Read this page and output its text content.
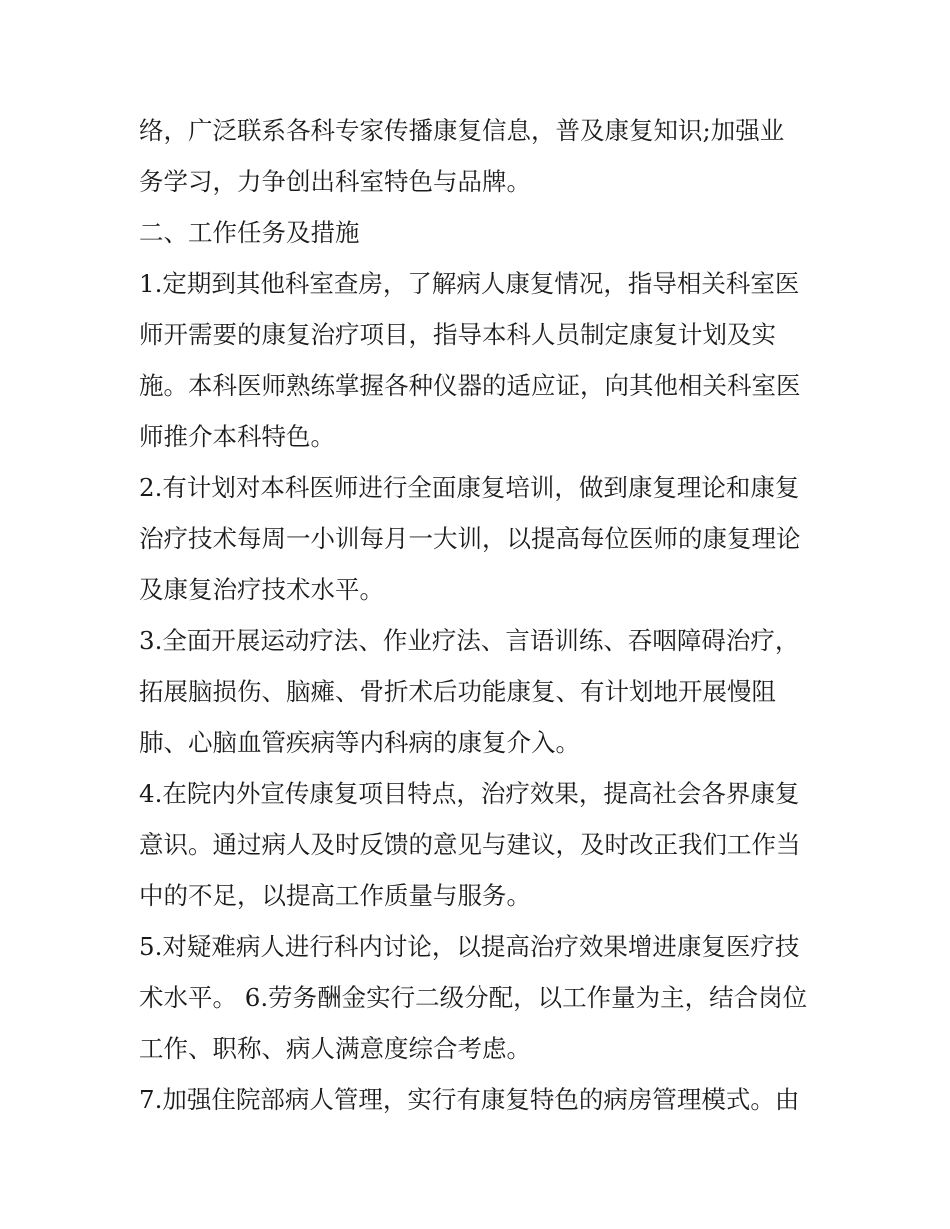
络，广泛联系各科专家传播康复信息，普及康复知识;加强业
务学习，力争创出科室特色与品牌。
二、工作任务及措施
1.定期到其他科室查房，了解病人康复情况，指导相关科室医
师开需要的康复治疗项目，指导本科人员制定康复计划及实
施。本科医师熟练掌握各种仪器的适应证，向其他相关科室医
师推介本科特色。
2.有计划对本科医师进行全面康复培训，做到康复理论和康复
治疗技术每周一小训每月一大训，以提高每位医师的康复理论
及康复治疗技术水平。
3.全面开展运动疗法、作业疗法、言语训练、吞咽障碍治疗，
拓展脑损伤、脑瘫、骨折术后功能康复、有计划地开展慢阻
肺、心脑血管疾病等内科病的康复介入。
4.在院内外宣传康复项目特点，治疗效果，提高社会各界康复
意识。通过病人及时反馈的意见与建议，及时改正我们工作当
中的不足，以提高工作质量与服务。
5.对疑难病人进行科内讨论，以提高治疗效果增进康复医疗技
术水平。 6.劳务酬金实行二级分配，以工作量为主，结合岗位
工作、职称、病人满意度综合考虑。
7.加强住院部病人管理，实行有康复特色的病房管理模式。由
